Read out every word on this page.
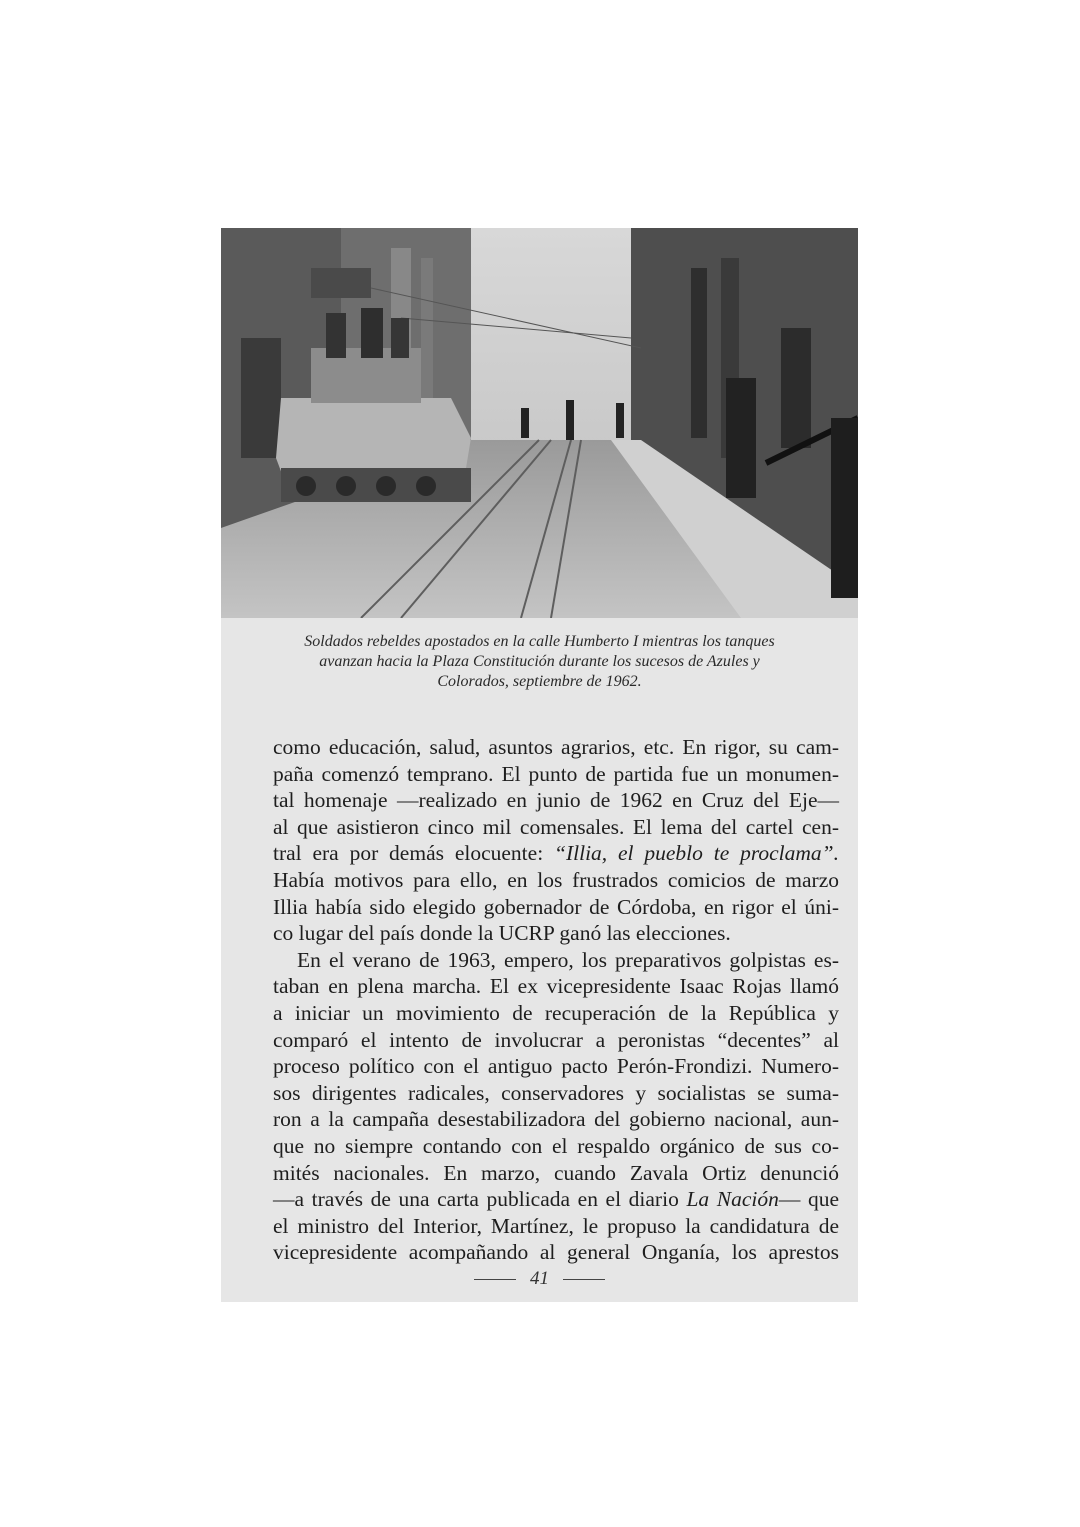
Soldados rebeldes apostados en la calle Humberto I mientras los tanques
avanzan hacia la Plaza Constitución durante los sucesos de Azules y
Colorados, septiembre de 1962.
como educación, salud, asuntos agrarios, etc. En rigor, su cam-
paña comenzó temprano. El punto de partida fue un monumen-
tal homenaje —realizado en junio de 1962 en Cruz del Eje—
al que asistieron cinco mil comensales. El lema del cartel cen-
tral era por demás elocuente: “Illia, el pueblo te proclama”.
Había motivos para ello, en los frustrados comicios de marzo
Illia había sido elegido gobernador de Córdoba, en rigor el úni-
co lugar del país donde la UCRP ganó las elecciones.
En el verano de 1963, empero, los preparativos golpistas es-
taban en plena marcha. El ex vicepresidente Isaac Rojas llamó
a iniciar un movimiento de recuperación de la República y
comparó el intento de involucrar a peronistas “decentes” al
proceso político con el antiguo pacto Perón-Frondizi. Numero-
sos dirigentes radicales, conservadores y socialistas se suma-
ron a la campaña desestabilizadora del gobierno nacional, aun-
que no siempre contando con el respaldo orgánico de sus co-
mités nacionales. En marzo, cuando Zavala Ortiz denunció
—a través de una carta publicada en el diario La Nación— que
el ministro del Interior, Martínez, le propuso la candidatura de
vicepresidente acompañando al general Onganía, los aprestos
41
